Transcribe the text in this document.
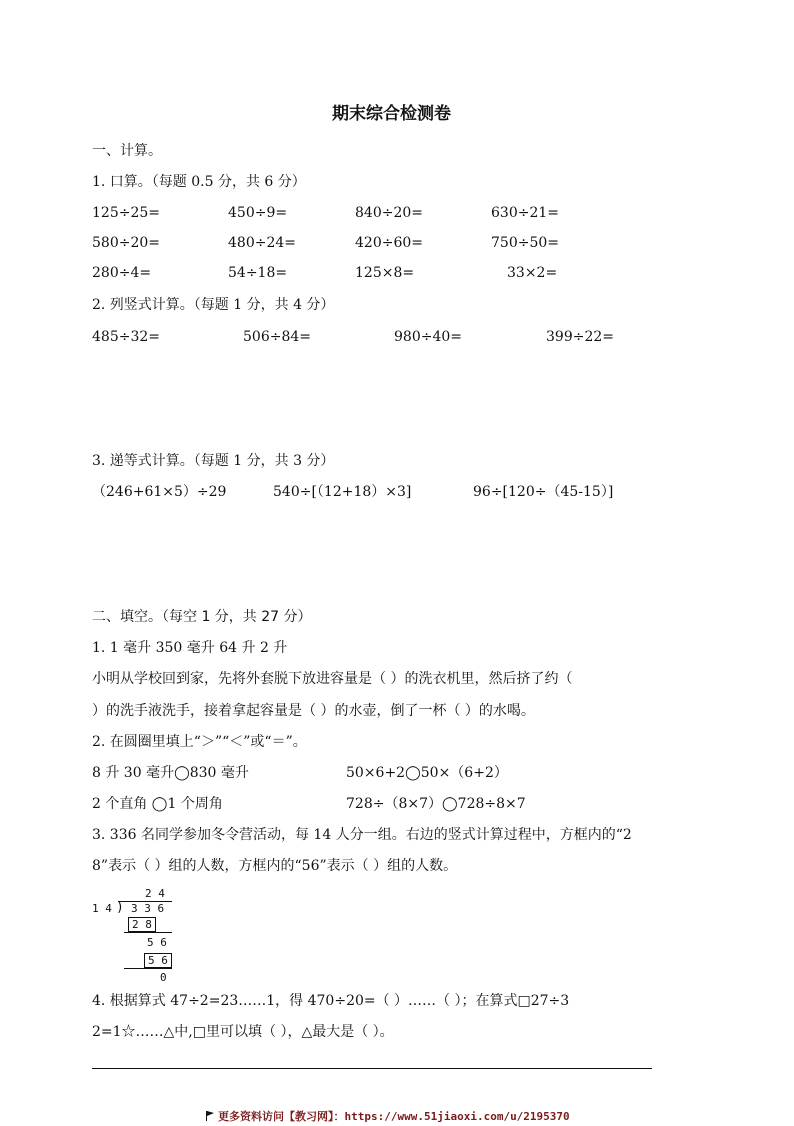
期末综合检测卷
一、计算。
1. 口算。（每题 0.5 分，共 6 分）
125÷25=	450÷9=	840÷20=	630÷21=
580÷20=	480÷24=	420÷60=	750÷50=
280÷4=	54÷18=	125×8=	33×2=
2. 列竖式计算。（每题 1 分，共 4 分）
485÷32=	506÷84=	980÷40=	399÷22=
3. 递等式计算。（每题 1 分，共 3 分）
（246+61×5）÷29	540÷[（12+18）×3]	96÷[120÷（45-15）]
二、填空。（每空 1 分，共 27 分）
1. 1 毫升 350 毫升 64 升 2 升
小明从学校回到家，先将外套脱下放进容量是（ ）的洗衣机里，然后挤了约（
）的洗手液洗手，接着拿起容量是（ ）的水壶，倒了一杯（ ）的水喝。
2. 在圆圈里填上“＞”“＜”或“＝”。
8 升 30 毫升◯830 毫升	50×6+2◯50×（6+2）
2 个直角 ◯1 个周角	728÷（8×7）◯728÷8×7
3. 336 名同学参加冬令营活动，每 14 人分一组。右边的竖式计算过程中，方框内的“2
8”表示（ ）组的人数，方框内的“56”表示（ ）组的人数。
2 4
1 4 ) 3 3 6
2 8
5 6
5 6
0
4. 根据算式 47÷2=23……1，得 470÷20=（ ）……（ ）；在算式□27÷3
2=1☆……△中,□里可以填（ ），△最大是（ ）。
更多资料访问【教习网】：https://www.51jiaoxi.com/u/2195370
